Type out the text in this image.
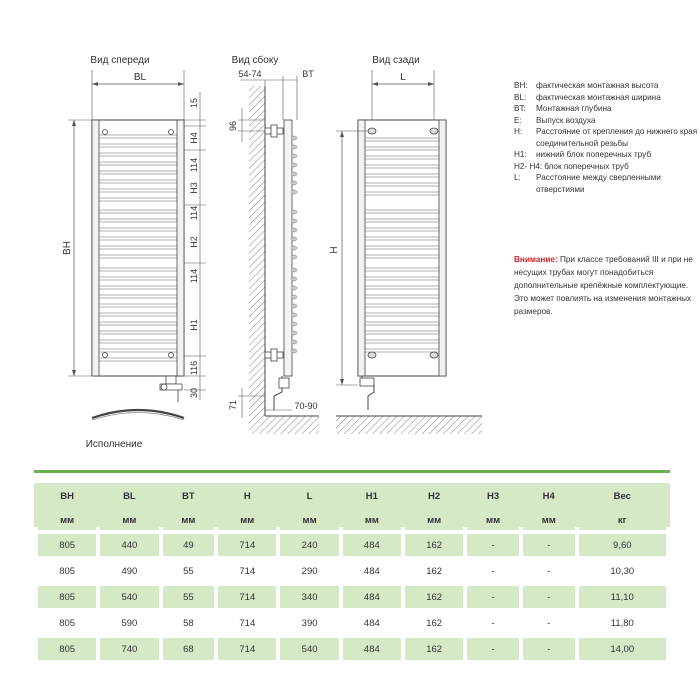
Вид спереди
BL
BH
15
H4
114
H3
114
H2
114
H1
116
30
Исполнение
Вид сбоку
54-74	BT
96
71	70-90
Вид сзади
L
H
BH:	фактическая монтажная высота
BL:	фактическая монтажная ширина
BT:	Монтажная глубина
E:	Выпуск воздуха
H:	Расстояние от крепления до нижнего края соединительной резьбы
H1:	нижний блок поперечных труб
H2- H4: блок поперечных труб
L:	Расстояние между сверленными отверстиями
Внимание: При классе требований III и при не несущих трубах могут понадобиться дополнительные крепёжные комплектующие. Это может повлиять на изменения монтажных размеров.
BH	BL	BT	H	L	H1	H2	H3	H4	Вес
мм	мм	мм	мм	мм	мм	мм	мм	мм	кг
805	440	49	714	240	484	162	-	-	9,60
805	490	55	714	290	484	162	-	-	10,30
805	540	55	714	340	484	162	-	-	11,10
805	590	58	714	390	484	162	-	-	11,80
805	740	68	714	540	484	162	-	-	14,00
